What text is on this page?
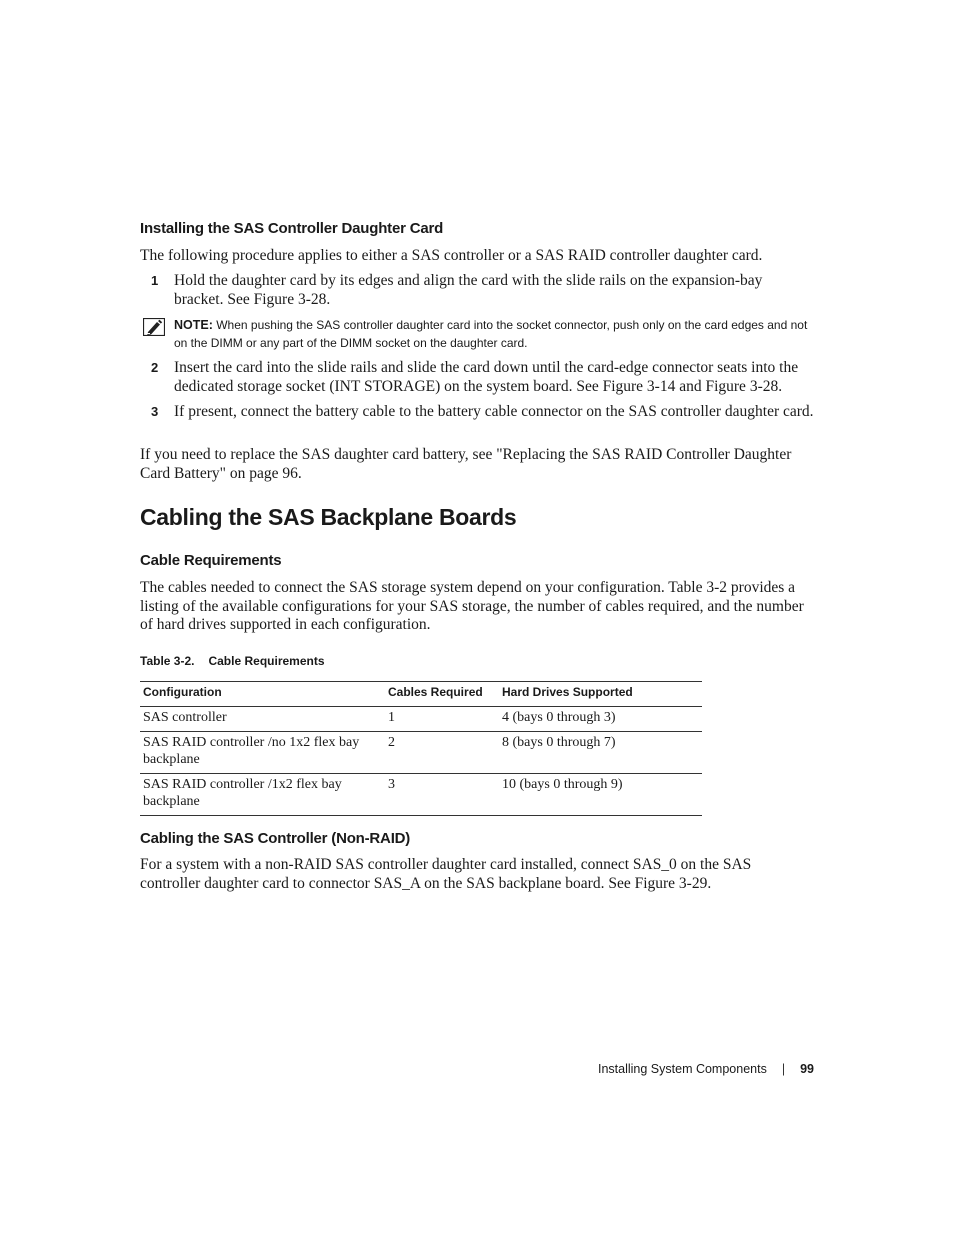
Installing the SAS Controller Daughter Card

The following procedure applies to either a SAS controller or a SAS RAID controller daughter card.

1 Hold the daughter card by its edges and align the card with the slide rails on the expansion-bay bracket. See Figure 3-28.
NOTE: When pushing the SAS controller daughter card into the socket connector, push only on the card edges and not on the DIMM or any part of the DIMM socket on the daughter card.
2 Insert the card into the slide rails and slide the card down until the card-edge connector seats into the dedicated storage socket (INT STORAGE) on the system board. See Figure 3-14 and Figure 3-28.
3 If present, connect the battery cable to the battery cable connector on the SAS controller daughter card.

If you need to replace the SAS daughter card battery, see "Replacing the SAS RAID Controller Daughter Card Battery" on page 96.

Cabling the SAS Backplane Boards
Cable Requirements

The cables needed to connect the SAS storage system depend on your configuration. Table 3-2 provides a listing of the available configurations for your SAS storage, the number of cables required, and the number of hard drives supported in each configuration.

Table 3-2. Cable Requirements
Configuration	Cables Required	Hard Drives Supported
SAS controller	1	4 (bays 0 through 3)
SAS RAID controller /no 1x2 flex bay backplane	2	8 (bays 0 through 7)
SAS RAID controller /1x2 flex bay backplane	3	10 (bays 0 through 9)
Cabling the SAS Controller (Non-RAID)

For a system with a non-RAID SAS controller daughter card installed, connect SAS_0 on the SAS controller daughter card to connector SAS_A on the SAS backplane board. See Figure 3-29.

Installing System Components | 99
